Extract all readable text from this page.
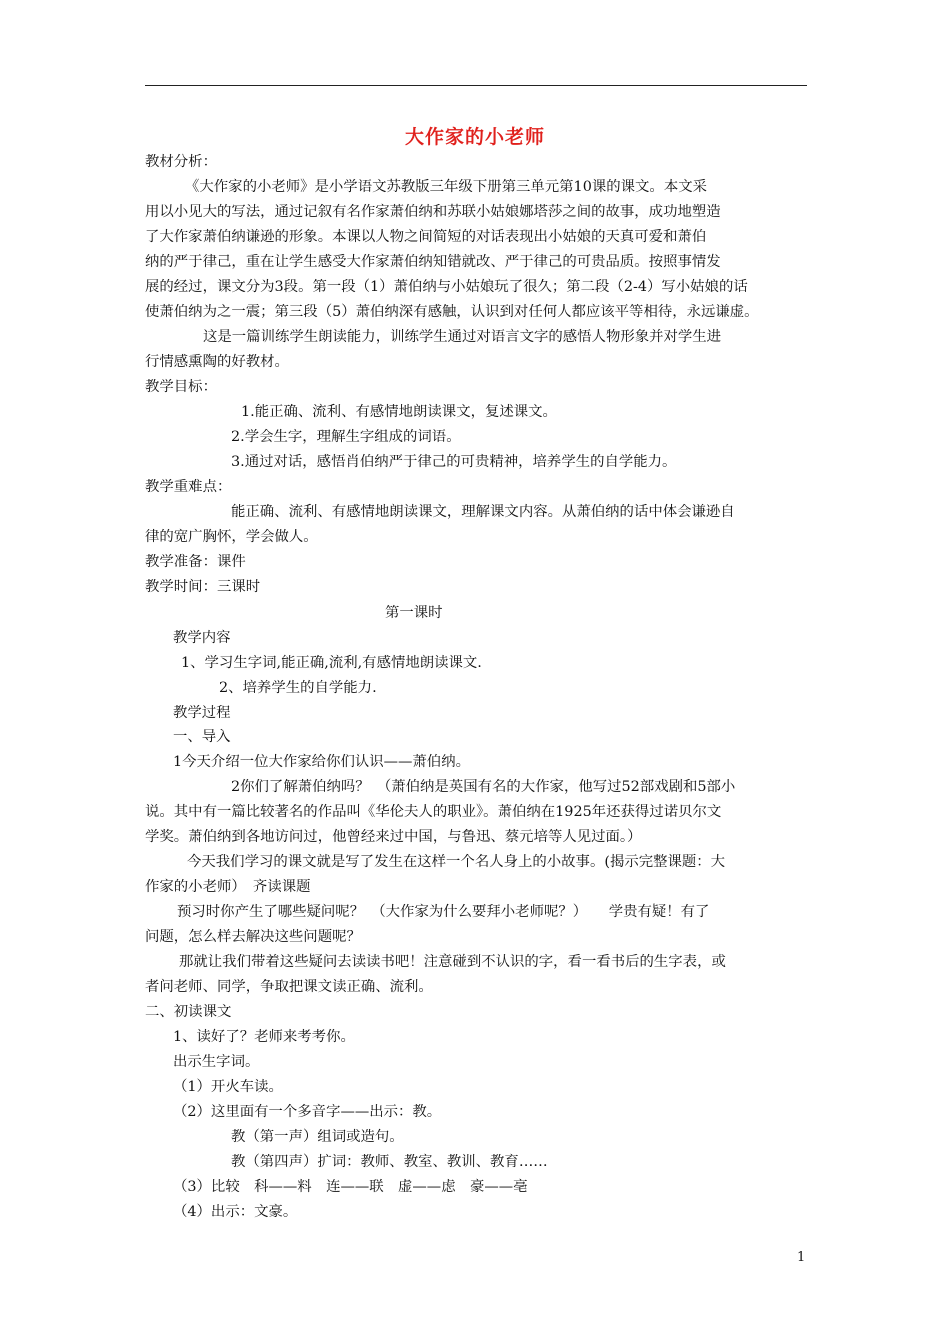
大作家的小老师
教材分析：
《大作家的小老师》是小学语文苏教版三年级下册第三单元第10课的课文。本文采
用以小见大的写法，通过记叙有名作家萧伯纳和苏联小姑娘娜塔莎之间的故事，成功地塑造
了大作家萧伯纳谦逊的形象。本课以人物之间简短的对话表现出小姑娘的天真可爱和萧伯
纳的严于律己，重在让学生感受大作家萧伯纳知错就改、严于律己的可贵品质。按照事情发
展的经过，课文分为3段。第一段（1）萧伯纳与小姑娘玩了很久；第二段（2-4）写小姑娘的话
使萧伯纳为之一震；第三段（5）萧伯纳深有感触，认识到对任何人都应该平等相待，永远谦虚。
这是一篇训练学生朗读能力，训练学生通过对语言文字的感悟人物形象并对学生进
行情感熏陶的好教材。
教学目标：
1.能正确、流利、有感情地朗读课文，复述课文。
2.学会生字，理解生字组成的词语。
3.通过对话，感悟肖伯纳严于律己的可贵精神，培养学生的自学能力。
教学重难点：
能正确、流利、有感情地朗读课文，理解课文内容。从萧伯纳的话中体会谦逊自
律的宽广胸怀，学会做人。
教学准备：课件
教学时间：三课时
第一课时
教学内容
1、学习生字词,能正确,流利,有感情地朗读课文.
2、培养学生的自学能力.
教学过程
一、导入
1今天介绍一位大作家给你们认识——萧伯纳。
2你们了解萧伯纳吗？　（萧伯纳是英国有名的大作家，他写过52部戏剧和5部小
说。其中有一篇比较著名的作品叫《华伦夫人的职业》。萧伯纳在1925年还获得过诺贝尔文
学奖。萧伯纳到各地访问过，他曾经来过中国，与鲁迅、蔡元培等人见过面。）
今天我们学习的课文就是写了发生在这样一个名人身上的小故事。(揭示完整课题：大
作家的小老师）　齐读课题
预习时你产生了哪些疑问呢？　（大作家为什么要拜小老师呢？）　　学贵有疑！有了
问题，怎么样去解决这些问题呢？
那就让我们带着这些疑问去读读书吧！注意碰到不认识的字，看一看书后的生字表，或
者问老师、同学，争取把课文读正确、流利。
二、初读课文
1、读好了？老师来考考你。
出示生字词。
（1）开火车读。
（2）这里面有一个多音字——出示：教。
教（第一声）组词或造句。
教（第四声）扩词：教师、教室、教训、教育……
（3）比较　科——料　连——联　虚——虑　豪——亳
（4）出示：文豪。
1
